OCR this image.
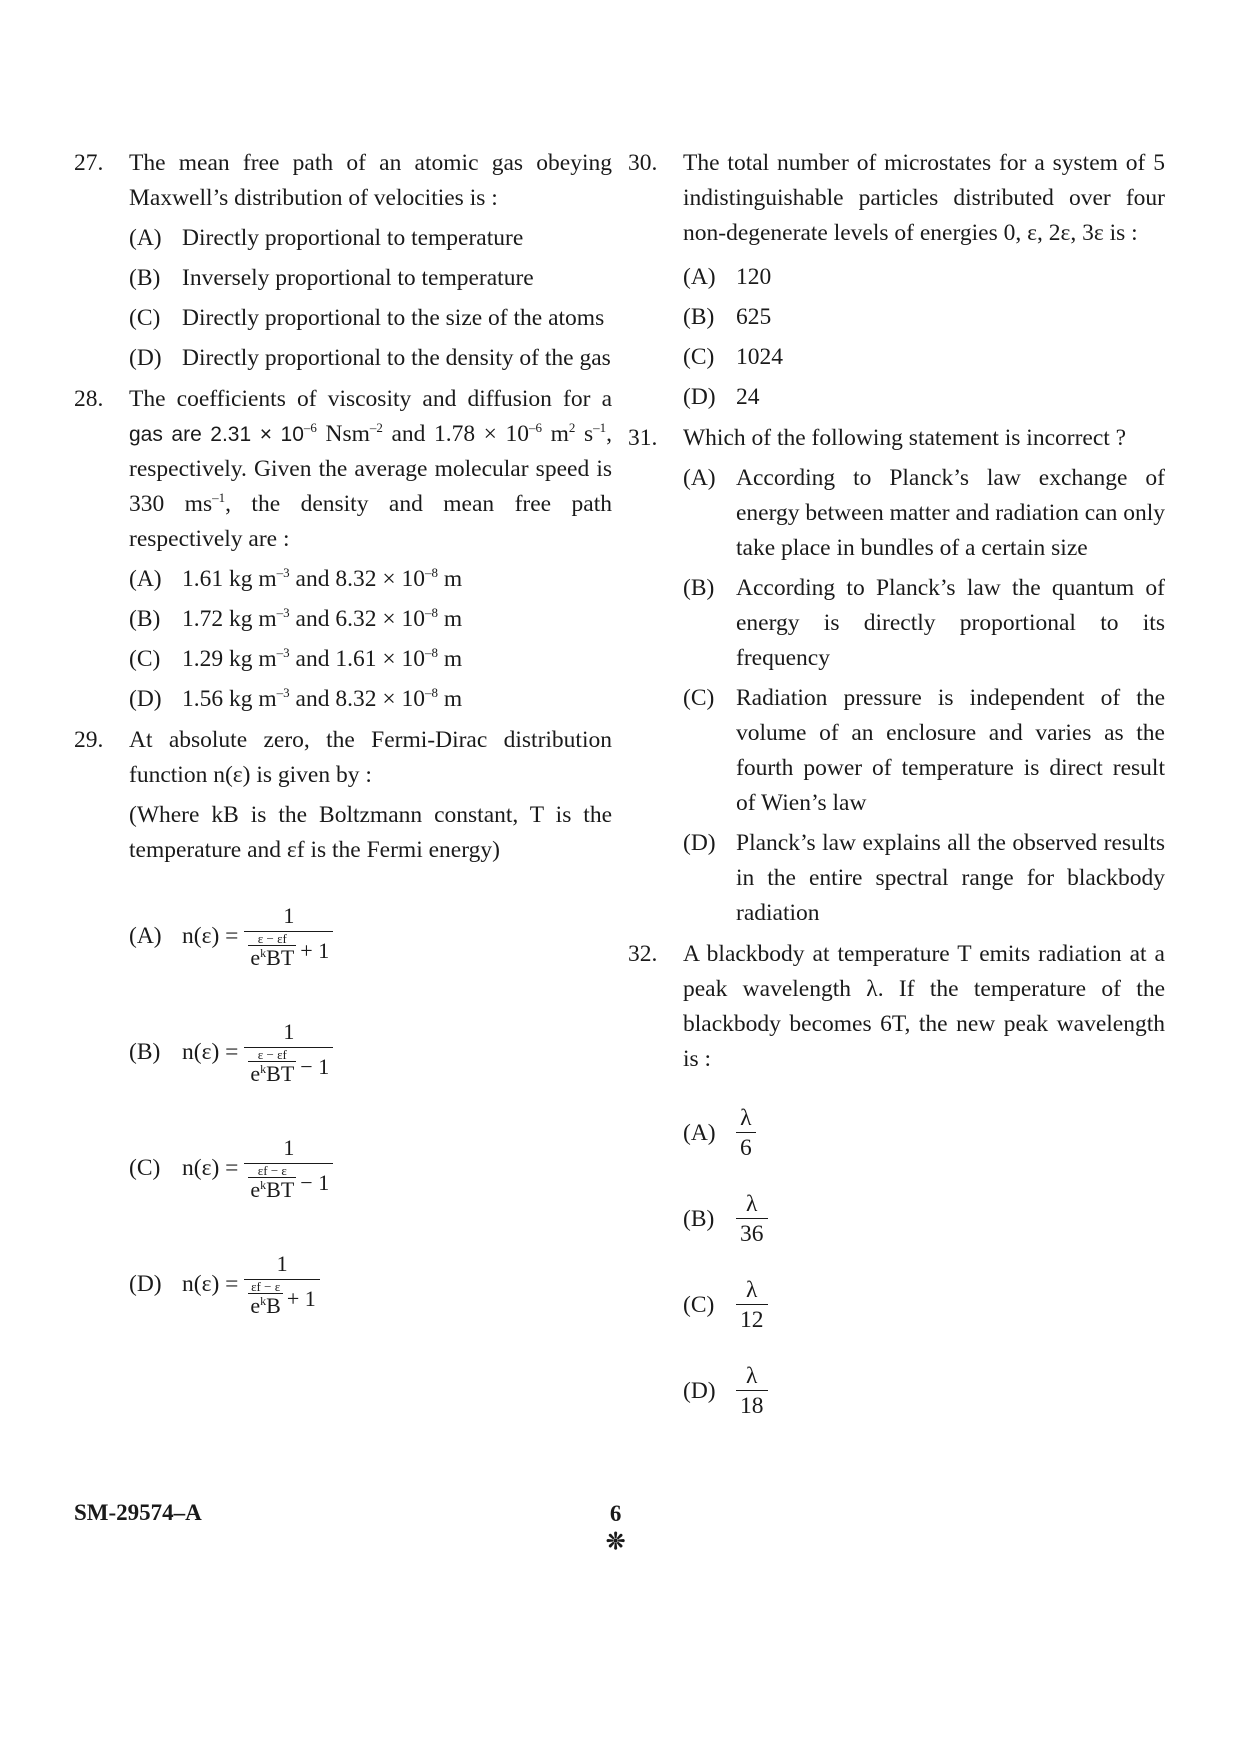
27. The mean free path of an atomic gas obeying Maxwell’s distribution of velocities is :
(A) Directly proportional to temperature
(B) Inversely proportional to temperature
(C) Directly proportional to the size of the atoms
(D) Directly proportional to the density of the gas
28. The coefficients of viscosity and diffusion for a gas are $2.31 \times 10^{-6}$ Nsm$^{-2}$ and $1.78 \times 10^{-6}$ $m^2$ $s^{-1}$, respectively. Given the average molecular speed is 330 $ms^{-1}$, the density and mean free path respectively are :
(A) 1.61 kg $m^{-3}$ and $8.32 \times 10^{-8}$ m
(B) 1.72 kg $m^{-3}$ and $6.32 \times 10^{-8}$ m
(C) 1.29 kg $m^{-3}$ and $1.61 \times 10^{-8}$ m
(D) 1.56 kg $m^{-3}$ and $8.32 \times 10^{-8}$ m
29. At absolute zero, the Fermi-Dirac distribution function n(ε) is given by :
(Where kB is the Boltzmann constant, T is the temperature and εf is the Fermi energy)
(A) n(ε) = 1
ε − εf
$e^kBT + 1$
(B) n(ε) = 1
ε − εf
$e^kBT - 1$
(C) n(ε) = 1
εf − ε
$e^kBT - 1$
(D) n(ε) = 1
εf − ε
$e^kB + 1$
30. The total number of microstates for a system of 5 indistinguishable particles distributed over four non-degenerate levels of energies 0, ε, 2ε, 3ε is :
(A) 120
(B) 625
(C) 1024
(D) 24
31. Which of the following statement is incorrect ?
(A) According to Planck’s law exchange of energy between matter and radiation can only take place in bundles of a certain size
(B) According to Planck’s law the quantum of energy is directly proportional to its frequency
(C) Radiation pressure is independent of the volume of an enclosure and varies as the fourth power of temperature is direct result of Wien’s law
(D) Planck’s law explains all the observed results in the entire spectral range for blackbody radiation
32. A blackbody at temperature T emits radiation at a peak wavelength λ. If the temperature of the blackbody becomes 6T, the new peak wavelength is :
(A)
λ
6
(B)
λ
36
(C)
λ
12
(D)
λ
18
SM-29574–A	6
❊
